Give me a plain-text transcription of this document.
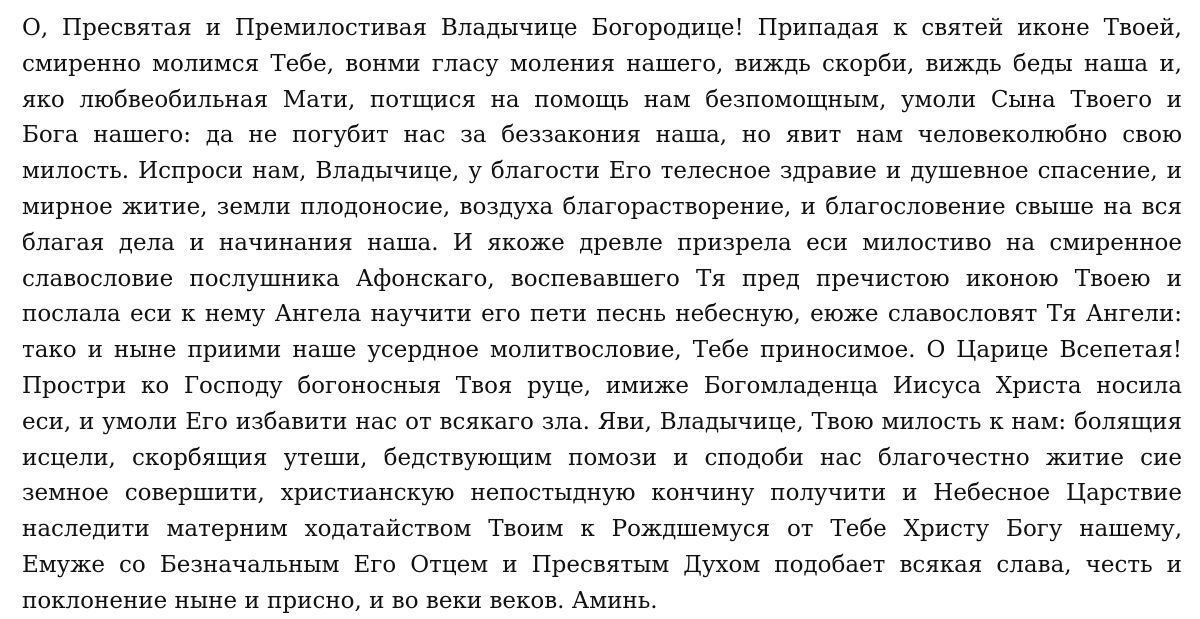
О, Пресвятая и Премилостивая Владычице Богородице! Припадая к святей иконе Твоей,
смиренно молимся Тебе, вонми гласу моления нашего, виждь скорби, виждь беды наша и,
яко любвеобильная Мати, потщися на помощь нам безпомощным, умоли Сына Твоего и
Бога нашего: да не погубит нас за беззакония наша, но явит нам человеколюбно свою
милость. Испроси нам, Владычице, у благости Его телесное здравие и душевное спасение, и
мирное житие, земли плодоносие, воздуха благорастворение, и благословение свыше на вся
благая дела и начинания наша. И якоже древле призрела еси милостиво на смиренное
славословие послушника Афонскаго, воспевавшего Тя пред пречистою иконою Твоею и
послала еси к нему Ангела научити его пети песнь небесную, еюже славословят Тя Ангели:
тако и ныне приими наше усердное молитвословие, Тебе приносимое. О Царице Всепетая!
Простри ко Господу богоносныя Твоя руце, имиже Богомладенца Иисуса Христа носила
еси, и умоли Его избавити нас от всякаго зла. Яви, Владычице, Твою милость к нам: болящия
исцели, скорбящия утеши, бедствующим помози и сподоби нас благочестно житие сие
земное совершити, христианскую непостыдную кончину получити и Небесное Царствие
наследити матерним ходатайством Твоим к Рождшемуся от Тебе Христу Богу нашему,
Емуже со Безначальным Его Отцем и Пресвятым Духом подобает всякая слава, честь и
поклонение ныне и присно, и во веки веков. Аминь.
